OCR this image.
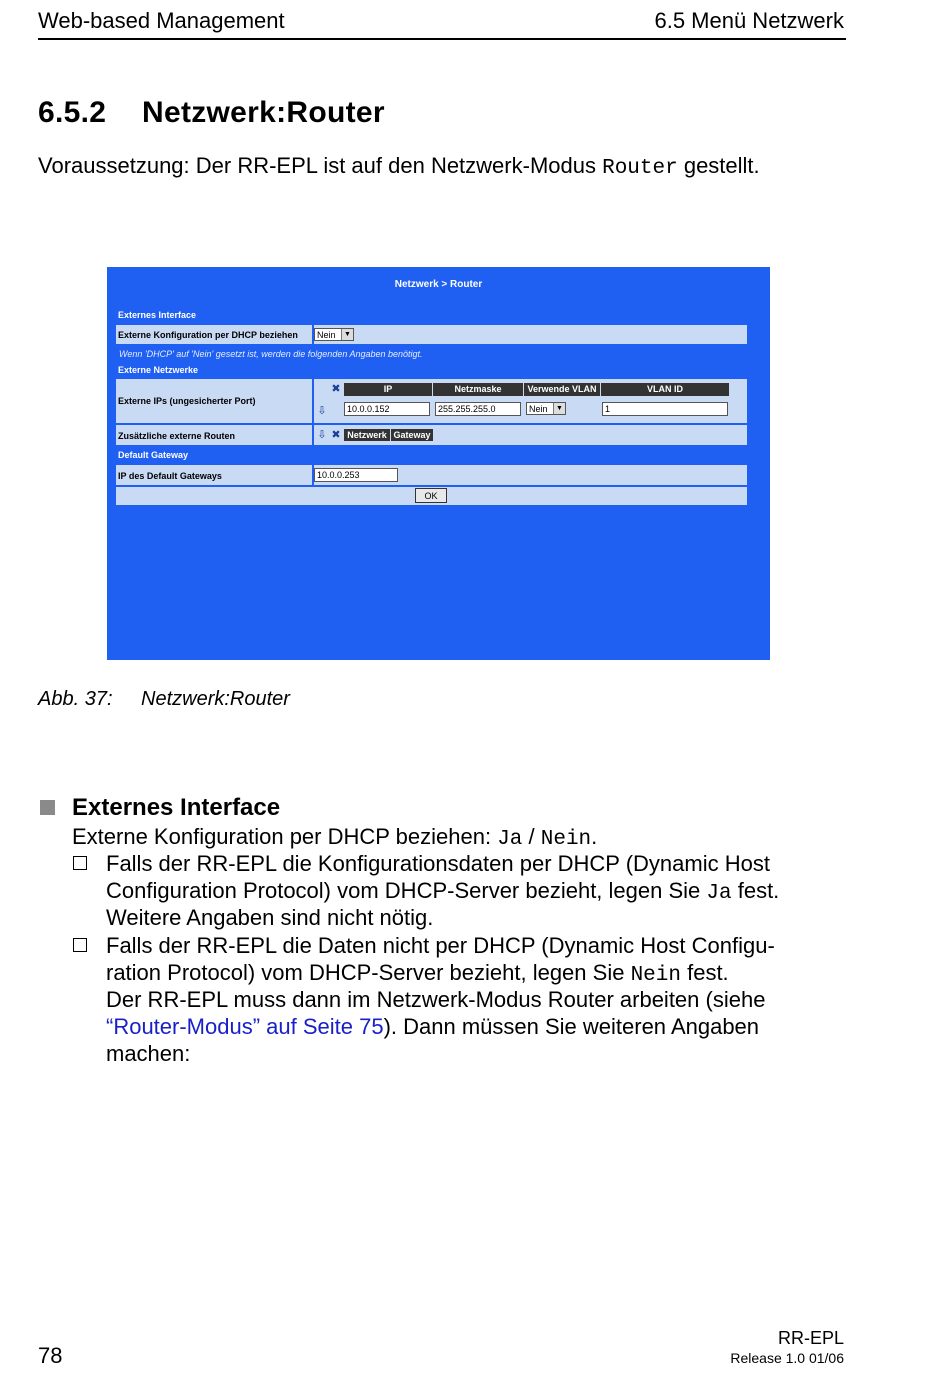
Web-based Management	6.5 Menü Netzwerk
6.5.2 Netzwerk:Router
Voraussetzung: Der RR-EPL ist auf den Netzwerk-Modus Router gestellt.
Netzwerk > Router
Externes Interface
Externe Konfiguration per DHCP beziehen	Nein	▼
Wenn 'DHCP' auf 'Nein' gesetzt ist, werden die folgenden Angaben benötigt.
Externe Netzwerke
Externe IPs (ungesicherter Port)
✖
⇩
IP	Netzmaske	Verwende VLAN	VLAN ID
10.0.0.152	255.255.255.0	Nein	▼	1
Zusätzliche externe Routen	⇩ ✖ Netzwerk Gateway
Default Gateway
IP des Default Gateways	10.0.0.253
OK
Abb. 37: Netzwerk:Router
Externes Interface
Externe Konfiguration per DHCP beziehen: Ja / Nein.
Falls der RR-EPL die Konfigurationsdaten per DHCP (Dynamic Host
Configuration Protocol) vom DHCP-Server bezieht, legen Sie Ja fest.
Weitere Angaben sind nicht nötig.
Falls der RR-EPL die Daten nicht per DHCP (Dynamic Host Configu-
ration Protocol) vom DHCP-Server bezieht, legen Sie Nein fest.
Der RR-EPL muss dann im Netzwerk-Modus Router arbeiten (siehe
“Router-Modus” auf Seite 75). Dann müssen Sie weiteren Angaben
machen:
78
RR-EPL
Release 1.0 01/06
